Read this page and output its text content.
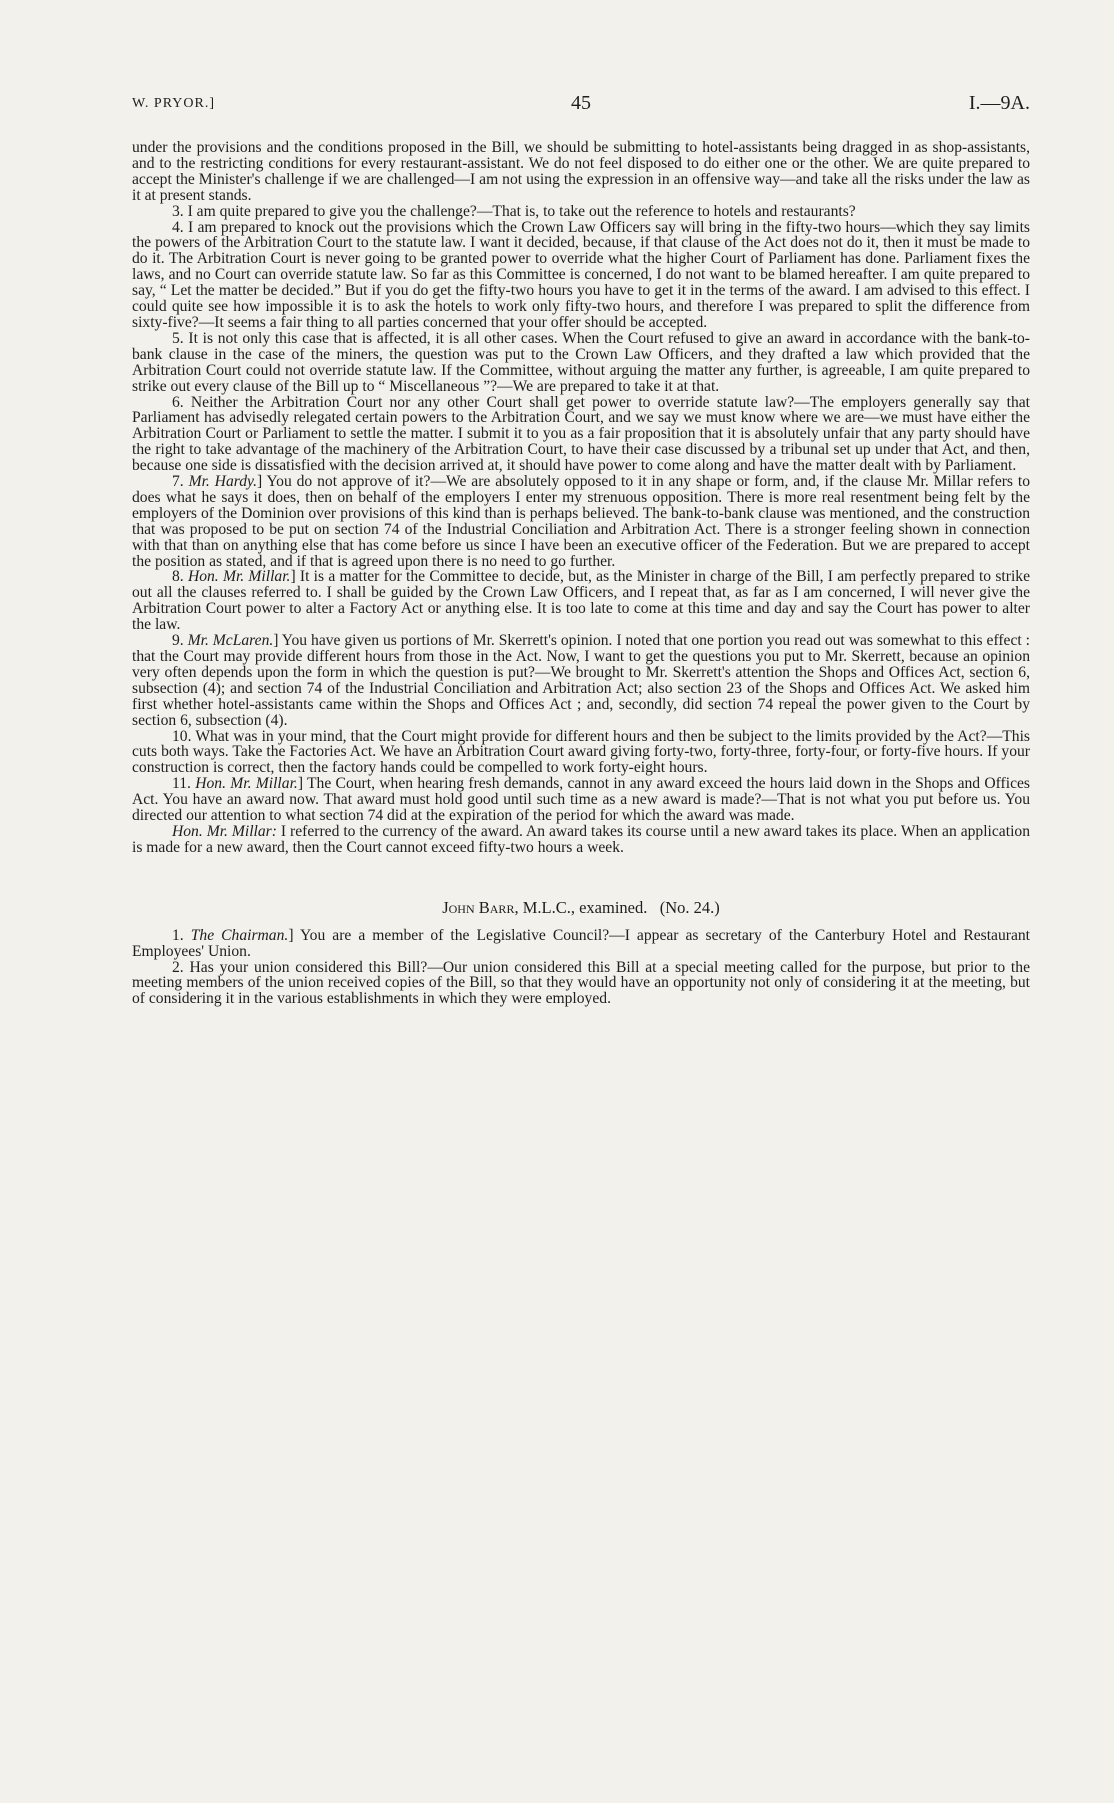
W. PRYOR.]	45	I.—9A.

under the provisions and the conditions proposed in the Bill, we should be submitting to hotel-assistants being dragged in as shop-assistants, and to the restricting conditions for every restaurant-assistant. We do not feel disposed to do either one or the other. We are quite prepared to accept the Minister's challenge if we are challenged—I am not using the expression in an offensive way—and take all the risks under the law as it at present stands.

3. I am quite prepared to give you the challenge?—That is, to take out the reference to hotels and restaurants?

4. I am prepared to knock out the provisions which the Crown Law Officers say will bring in the fifty-two hours—which they say limits the powers of the Arbitration Court to the statute law. I want it decided, because, if that clause of the Act does not do it, then it must be made to do it. The Arbitration Court is never going to be granted power to override what the higher Court of Parliament has done. Parliament fixes the laws, and no Court can override statute law. So far as this Committee is concerned, I do not want to be blamed hereafter. I am quite prepared to say, “ Let the matter be decided.” But if you do get the fifty-two hours you have to get it in the terms of the award. I am advised to this effect. I could quite see how impossible it is to ask the hotels to work only fifty-two hours, and therefore I was prepared to split the difference from sixty-five?—It seems a fair thing to all parties concerned that your offer should be accepted.

5. It is not only this case that is affected, it is all other cases. When the Court refused to give an award in accordance with the bank-to-bank clause in the case of the miners, the question was put to the Crown Law Officers, and they drafted a law which provided that the Arbitration Court could not override statute law. If the Committee, without arguing the matter any further, is agreeable, I am quite prepared to strike out every clause of the Bill up to “ Miscellaneous ”?—We are prepared to take it at that.

6. Neither the Arbitration Court nor any other Court shall get power to override statute law?—The employers generally say that Parliament has advisedly relegated certain powers to the Arbitration Court, and we say we must know where we are—we must have either the Arbitration Court or Parliament to settle the matter. I submit it to you as a fair proposition that it is absolutely unfair that any party should have the right to take advantage of the machinery of the Arbitration Court, to have their case discussed by a tribunal set up under that Act, and then, because one side is dissatisfied with the decision arrived at, it should have power to come along and have the matter dealt with by Parliament.

7. Mr. Hardy.] You do not approve of it?—We are absolutely opposed to it in any shape or form, and, if the clause Mr. Millar refers to does what he says it does, then on behalf of the employers I enter my strenuous opposition. There is more real resentment being felt by the employers of the Dominion over provisions of this kind than is perhaps believed. The bank-to-bank clause was mentioned, and the construction that was proposed to be put on section 74 of the Industrial Conciliation and Arbitration Act. There is a stronger feeling shown in connection with that than on anything else that has come before us since I have been an executive officer of the Federation. But we are prepared to accept the position as stated, and if that is agreed upon there is no need to go further.

8. Hon. Mr. Millar.] It is a matter for the Committee to decide, but, as the Minister in charge of the Bill, I am perfectly prepared to strike out all the clauses referred to. I shall be guided by the Crown Law Officers, and I repeat that, as far as I am concerned, I will never give the Arbitration Court power to alter a Factory Act or anything else. It is too late to come at this time and day and say the Court has power to alter the law.

9. Mr. McLaren.] You have given us portions of Mr. Skerrett's opinion. I noted that one portion you read out was somewhat to this effect : that the Court may provide different hours from those in the Act. Now, I want to get the questions you put to Mr. Skerrett, because an opinion very often depends upon the form in which the question is put?—We brought to Mr. Skerrett's attention the Shops and Offices Act, section 6, subsection (4); and section 74 of the Industrial Conciliation and Arbitration Act; also section 23 of the Shops and Offices Act. We asked him first whether hotel-assistants came within the Shops and Offices Act ; and, secondly, did section 74 repeal the power given to the Court by section 6, subsection (4).

10. What was in your mind, that the Court might provide for different hours and then be subject to the limits provided by the Act?—This cuts both ways. Take the Factories Act. We have an Arbitration Court award giving forty-two, forty-three, forty-four, or forty-five hours. If your construction is correct, then the factory hands could be compelled to work forty-eight hours.

11. Hon. Mr. Millar.] The Court, when hearing fresh demands, cannot in any award exceed the hours laid down in the Shops and Offices Act. You have an award now. That award must hold good until such time as a new award is made?—That is not what you put before us. You directed our attention to what section 74 did at the expiration of the period for which the award was made.

Hon. Mr. Millar: I referred to the currency of the award. An award takes its course until a new award takes its place. When an application is made for a new award, then the Court cannot exceed fifty-two hours a week.

John Barr, M.L.C., examined. (No. 24.)

1. The Chairman.] You are a member of the Legislative Council?—I appear as secretary of the Canterbury Hotel and Restaurant Employees' Union.

2. Has your union considered this Bill?—Our union considered this Bill at a special meeting called for the purpose, but prior to the meeting members of the union received copies of the Bill, so that they would have an opportunity not only of considering it at the meeting, but of considering it in the various establishments in which they were employed.
